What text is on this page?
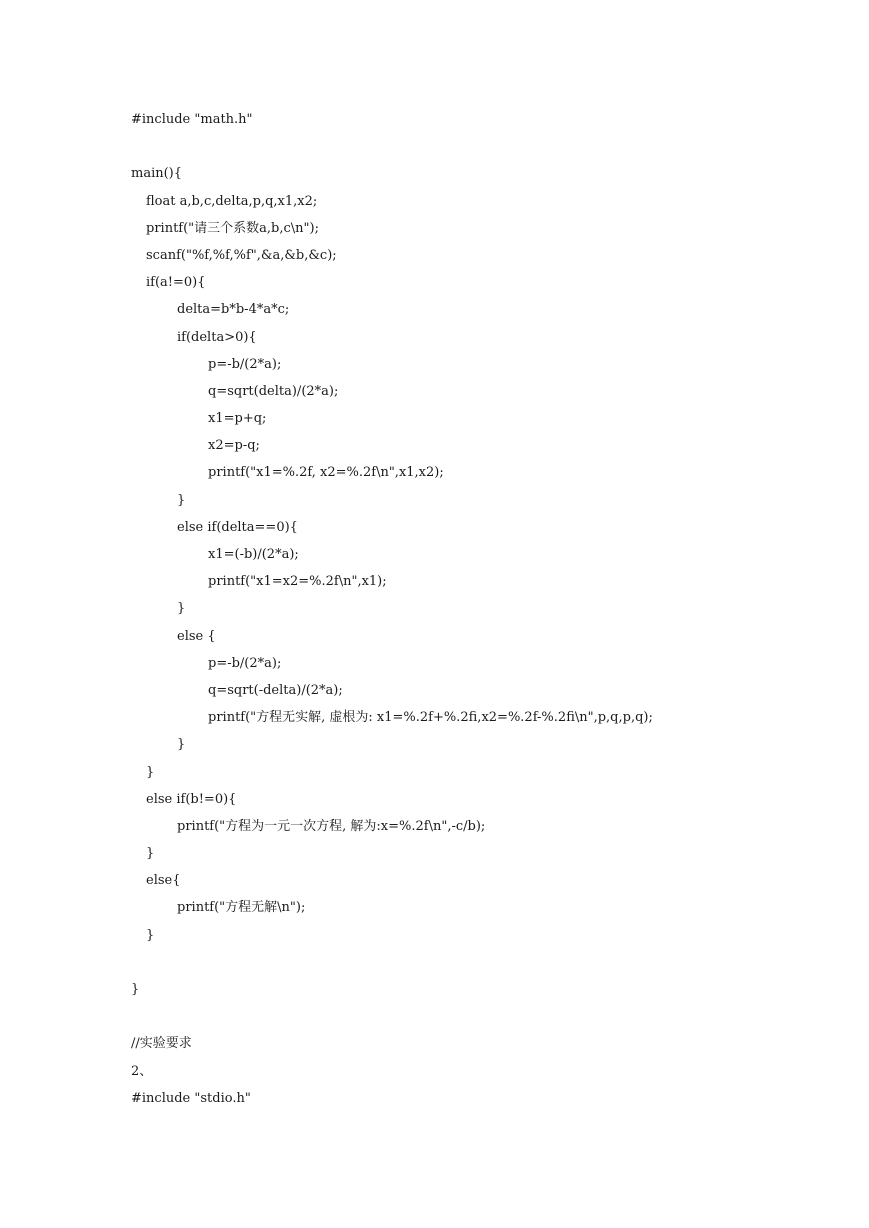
#include "math.h"
main(){
float a,b,c,delta,p,q,x1,x2;
printf("请三个系数a,b,c\n");
scanf("%f,%f,%f",&a,&b,&c);
if(a!=0){
delta=b*b-4*a*c;
if(delta>0){
p=-b/(2*a);
q=sqrt(delta)/(2*a);
x1=p+q;
x2=p-q;
printf("x1=%.2f, x2=%.2f\n",x1,x2);
}
else if(delta==0){
x1=(-b)/(2*a);
printf("x1=x2=%.2f\n",x1);
}
else {
p=-b/(2*a);
q=sqrt(-delta)/(2*a);
printf("方程无实解, 虚根为: x1=%.2f+%.2fi,x2=%.2f-%.2fi\n",p,q,p,q);
}
}
else if(b!=0){
printf("方程为一元一次方程, 解为:x=%.2f\n",-c/b);
}
else{
printf("方程无解\n");
}
}
//实验要求
2、
#include "stdio.h"
